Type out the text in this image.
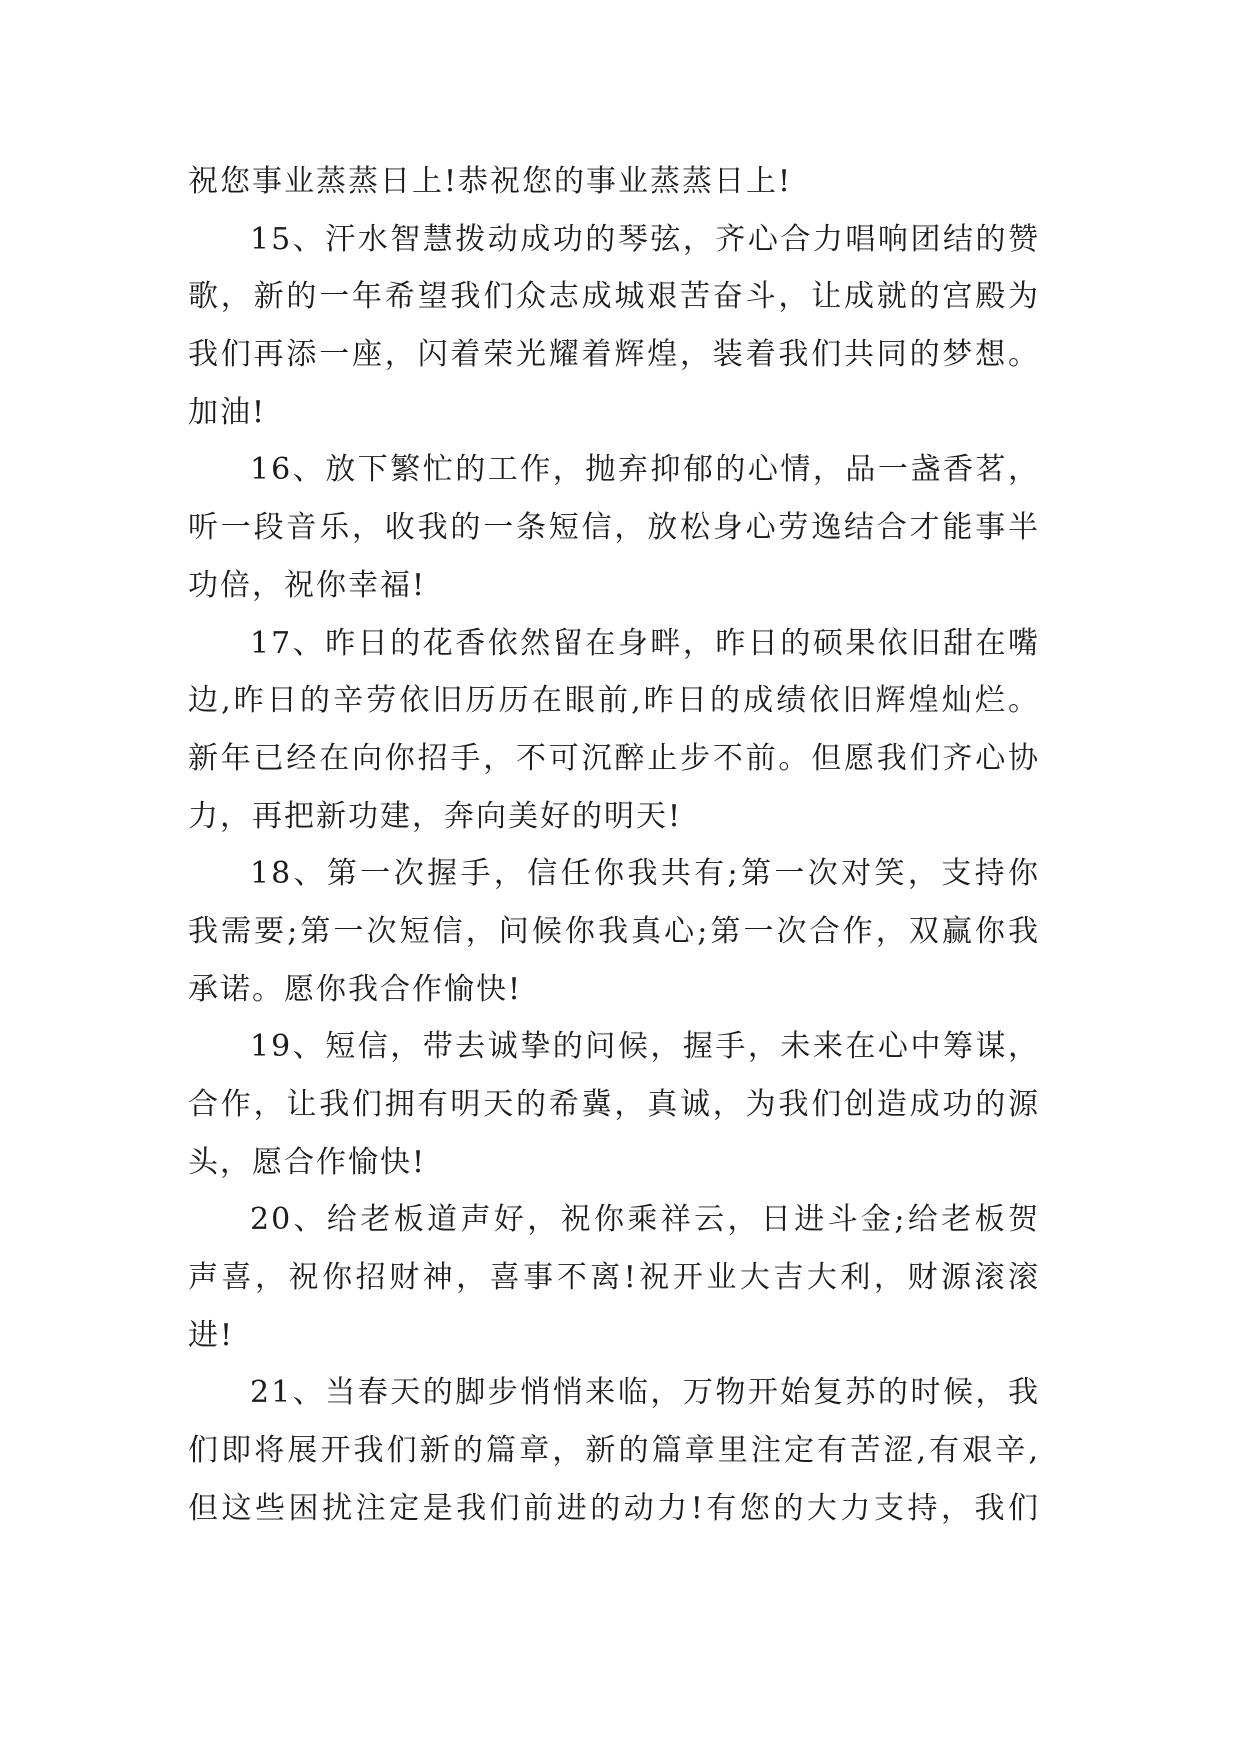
祝您事业蒸蒸日上!恭祝您的事业蒸蒸日上!
15、汗水智慧拨动成功的琴弦，齐心合力唱响团结的赞
歌，新的一年希望我们众志成城艰苦奋斗，让成就的宫殿为
我们再添一座，闪着荣光耀着辉煌，装着我们共同的梦想。
加油!
16、放下繁忙的工作，抛弃抑郁的心情，品一盏香茗，
听一段音乐，收我的一条短信，放松身心劳逸结合才能事半
功倍，祝你幸福!
17、昨日的花香依然留在身畔，昨日的硕果依旧甜在嘴
边,昨日的辛劳依旧历历在眼前,昨日的成绩依旧辉煌灿烂。
新年已经在向你招手，不可沉醉止步不前。但愿我们齐心协
力，再把新功建，奔向美好的明天!
18、第一次握手，信任你我共有;第一次对笑，支持你
我需要;第一次短信，问候你我真心;第一次合作，双赢你我
承诺。愿你我合作愉快!
19、短信，带去诚挚的问候，握手，未来在心中筹谋，
合作，让我们拥有明天的希冀，真诚，为我们创造成功的源
头，愿合作愉快!
20、给老板道声好，祝你乘祥云，日进斗金;给老板贺
声喜，祝你招财神，喜事不离!祝开业大吉大利，财源滚滚
进!
21、当春天的脚步悄悄来临，万物开始复苏的时候，我
们即将展开我们新的篇章，新的篇章里注定有苦涩,有艰辛,
但这些困扰注定是我们前进的动力!有您的大力支持，我们
